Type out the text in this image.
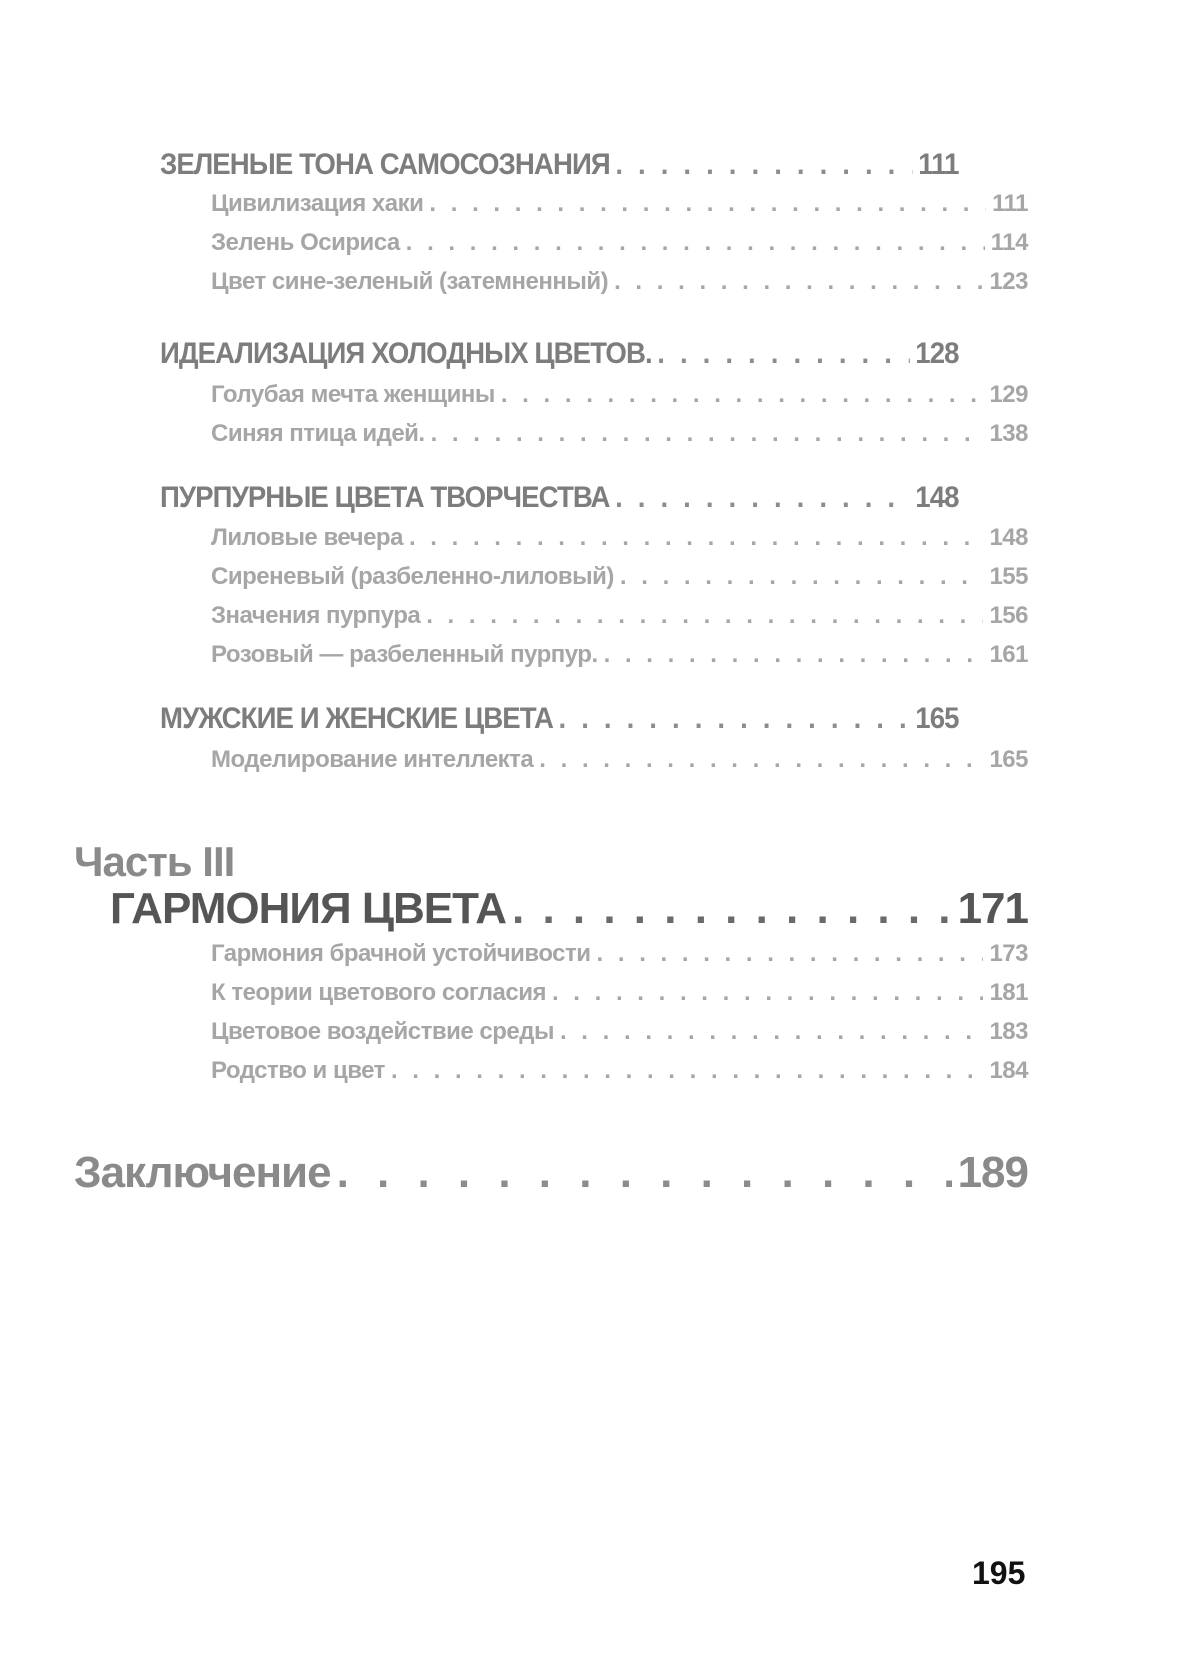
ЗЕЛЕНЫЕ ТОНА САМОСОЗНАНИЯ . . .	111
Цивилизация хаки . . .	111
Зелень Осириса . . .	114
Цвет сине-зеленый (затемненный) . . .	123
ИДЕАЛИЗАЦИЯ ХОЛОДНЫХ ЦВЕТОВ. . . .	128
Голубая мечта женщины . . .	129
Синяя птица идей. . . .	138
ПУРПУРНЫЕ ЦВЕТА ТВОРЧЕСТВА . . .	148
Лиловые вечера . . .	148
Сиреневый (разбеленно-лиловый) . . .	155
Значения пурпура . . .	156
Розовый — разбеленный пурпур. . . .	161
МУЖСКИЕ И ЖЕНСКИЕ ЦВЕТА . . .	165
Моделирование интеллекта . . .	165
Часть III
ГАРМОНИЯ ЦВЕТА . . .	171
Гармония брачной устойчивости . . .	173
К теории цветового согласия . . .	181
Цветовое воздействие среды . . .	183
Родство и цвет . . .	184
Заключение . . .	189
195
